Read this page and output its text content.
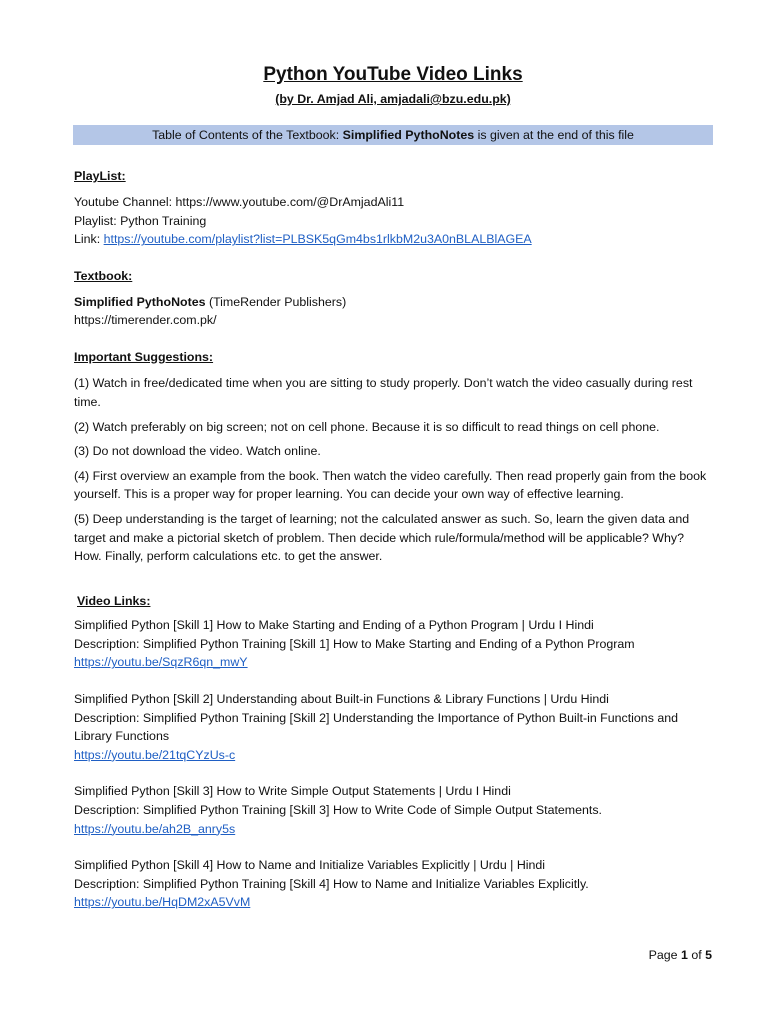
Python YouTube Video Links
(by Dr. Amjad Ali, amjadali@bzu.edu.pk)
Table of Contents of the Textbook: Simplified PythoNotes is given at the end of this file
PlayList:
Youtube Channel: https://www.youtube.com/@DrAmjadAli11
Playlist: Python Training
Link: https://youtube.com/playlist?list=PLBSK5qGm4bs1rlkbM2u3A0nBLALBlAGEA
Textbook:
Simplified PythoNotes (TimeRender Publishers)
https://timerender.com.pk/
Important Suggestions:
(1) Watch in free/dedicated time when you are sitting to study properly. Don’t watch the video casually during rest time.
(2) Watch preferably on big screen; not on cell phone. Because it is so difficult to read things on cell phone.
(3) Do not download the video. Watch online.
(4) First overview an example from the book. Then watch the video carefully. Then read properly gain from the book yourself. This is a proper way for proper learning. You can decide your own way of effective learning.
(5) Deep understanding is the target of learning; not the calculated answer as such. So, learn the given data and target and make a pictorial sketch of problem. Then decide which rule/formula/method will be applicable? Why? How. Finally, perform calculations etc. to get the answer.
Video Links:
Simplified Python [Skill 1] How to Make Starting and Ending of a Python Program | Urdu I Hindi
Description: Simplified Python Training [Skill 1] How to Make Starting and Ending of a Python Program
https://youtu.be/SqzR6qn_mwY
Simplified Python [Skill 2] Understanding about Built-in Functions & Library Functions | Urdu Hindi
Description: Simplified Python Training [Skill 2] Understanding the Importance of Python Built-in Functions and Library Functions
https://youtu.be/21tqCYzUs-c
Simplified Python [Skill 3] How to Write Simple Output Statements | Urdu I Hindi
Description: Simplified Python Training [Skill 3] How to Write Code of Simple Output Statements.
https://youtu.be/ah2B_anry5s
Simplified Python [Skill 4] How to Name and Initialize Variables Explicitly | Urdu | Hindi
Description: Simplified Python Training [Skill 4] How to Name and Initialize Variables Explicitly.
https://youtu.be/HqDM2xA5VvM
Page 1 of 5
